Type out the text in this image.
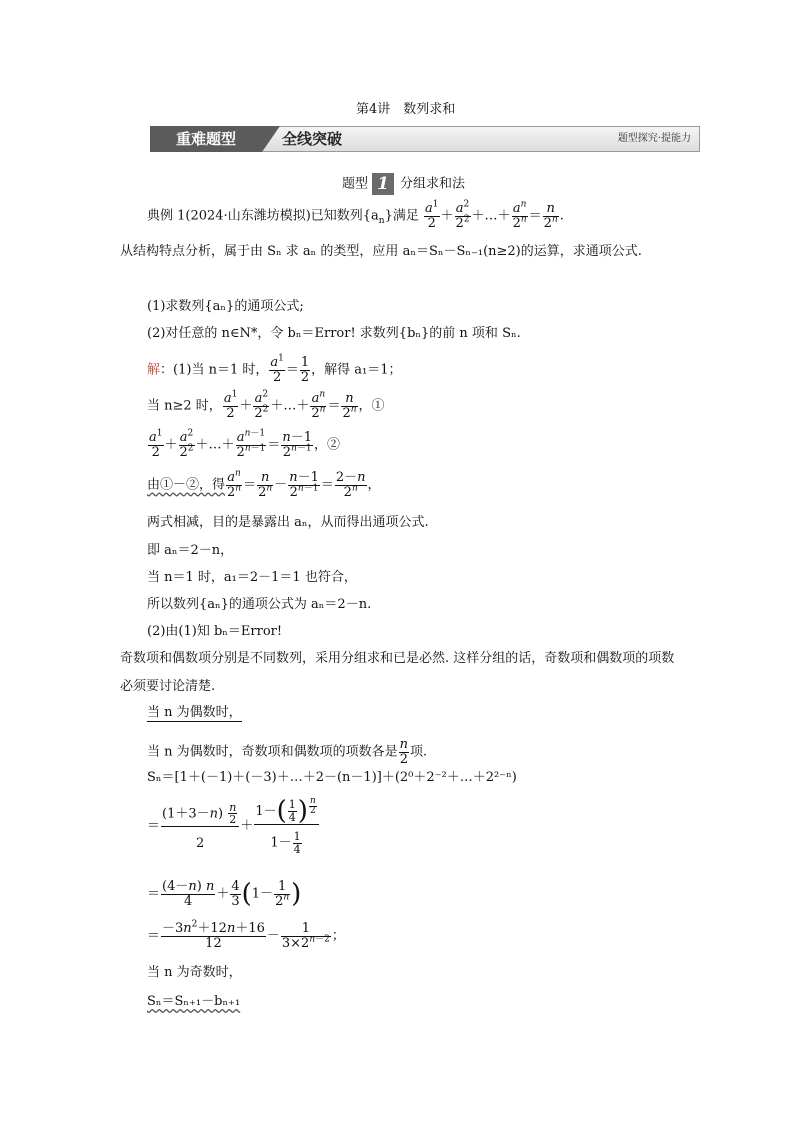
第4讲　数列求和
重难题型	全线突破	题型探究·提能力
题型 1 分组求和法
典例 1(2024·山东潍坊模拟)已知数列$\{a_n\}$满足 $\frac{a^1}{2} + \frac{a^2}{2^2}$ ＋…＋ $\frac{a^n}{2^n} = \frac{n}{2^n}$ .
从结构特点分析，属于由 Sₙ 求 aₙ 的类型，应用 aₙ＝Sₙ－Sₙ₋₁(n≥2)的运算，求通项公式.
(1)求数列{aₙ}的通项公式;
(2)对任意的 n∈N*，令 bₙ＝Error! 求数列{bₙ}的前 n 项和 Sₙ.
解：(1)当 n＝1 时， $\frac{a^1}{2} = \frac{1}{2}$ ，解得 a₁＝1；
当 n≥2 时， $\frac{a^1}{2} + \frac{a^2}{2^2}$ ＋…＋ $\frac{a^n}{2^n} = \frac{n}{2^n}$ ，①
$\frac{a^1}{2} + \frac{a^2}{2^2}$ ＋…＋ $\frac{a^{n-1}}{2^{n-1}} = \frac{n-1}{2^{n-1}}$ ，②
由①－②，得 $\frac{a^n}{2^n} = \frac{n}{2^n} - \frac{n-1}{2^{n-1}} = \frac{2-n}{2^n}$ ，
两式相减，目的是暴露出 aₙ，从而得出通项公式.
即 aₙ＝2－n，
当 n＝1 时，a₁＝2－1＝1 也符合，
所以数列{aₙ}的通项公式为 aₙ＝2－n.
(2)由(1)知 bₙ＝Error!
奇数项和偶数项分别是不同数列，采用分组求和已是必然. 这样分组的话，奇数项和偶数项的项数必须要讨论清楚.
当 n 为偶数时，
当 n 为偶数时，奇数项和偶数项的项数各是 $\frac{n}{2}$ 项.
Sₙ＝[1＋(－1)＋(－3)＋…＋2－(n－1)]＋(2⁰＋2⁻²＋…＋2²⁻ⁿ)
＝ $\frac{(1+3-n) \frac{n}{2}}{2} + 1-( \frac{1}{4}$ ) $^{\frac{n}{2}}$
$1- \frac{1}{4}$
＝ $\frac{(4-n) n}{4} + \frac{4}{3} (1- \frac{1}{2^n}$ )
＝ $\frac{-3n^2+12n+16}{12} - \frac{1}{3\times 2^{n-2}}$ ；
当 n 为奇数时，
Sₙ＝Sₙ₊₁－bₙ₊₁
